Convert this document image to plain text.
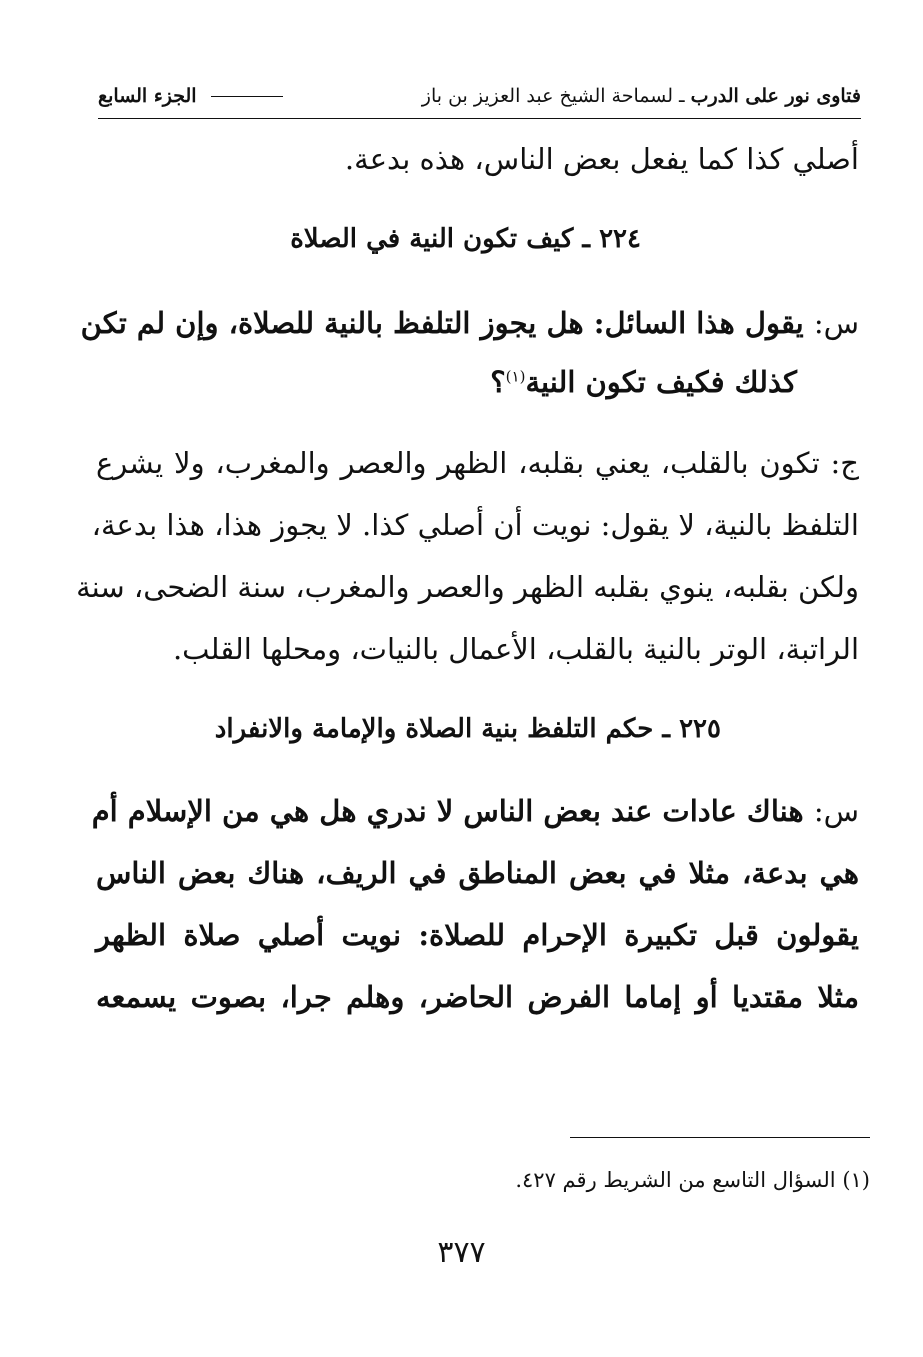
فتاوى نور على الدرب ـ لسماحة الشيخ عبد العزيز بن باز
الجزء السابع
أصلي كذا كما يفعل بعض الناس، هذه بدعة.
٢٢٤ ـ كيف تكون النية في الصلاة
س: يقول هذا السائل: هل يجوز التلفظ بالنية للصلاة، وإن لم تكن
كذلك فكيف تكون النية$^{(١)}$؟
ج: تكون بالقلب، يعني بقلبه، الظهر والعصر والمغرب، ولا يشرع
التلفظ بالنية، لا يقول: نويت أن أصلي كذا. لا يجوز هذا، هذا بدعة،
ولكن بقلبه، ينوي بقلبه الظهر والعصر والمغرب، سنة الضحى، سنة
الراتبة، الوتر بالنية بالقلب، الأعمال بالنيات، ومحلها القلب.
٢٢٥ ـ حكم التلفظ بنية الصلاة والإمامة والانفراد
س: هناك عادات عند بعض الناس لا ندري هل هي من الإسلام أم
هي بدعة، مثلا في بعض المناطق في الريف، هناك بعض الناس
يقولون قبل تكبيرة الإحرام للصلاة: نويت أصلي صلاة الظهر
مثلا مقتديا أو إماما الفرض الحاضر، وهلم جرا، بصوت يسمعه
(١) السؤال التاسع من الشريط رقم ٤٢٧.
٣٧٧
